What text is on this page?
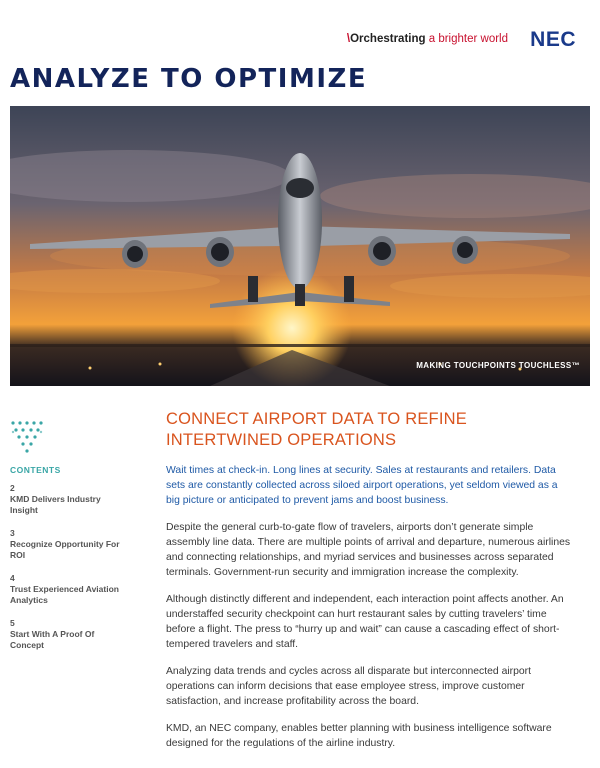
\Orchestrating a brighter world NEC
ANALYZE TO OPTIMIZE
MAKING TOUCHPOINTS TOUCHLESS™
CONTENTS
2
KMD Delivers Industry Insight
3
Recognize Opportunity For ROI
4
Trust Experienced Aviation Analytics
5
Start With A Proof Of Concept
CONNECT AIRPORT DATA TO REFINE
INTERTWINED OPERATIONS

Wait times at check-in. Long lines at security. Sales at restaurants and retailers. Data sets are constantly collected across siloed airport operations, yet seldom viewed as a big picture or anticipated to prevent jams and boost business.

Despite the general curb-to-gate flow of travelers, airports don’t generate simple assembly line data. There are multiple points of arrival and departure, numerous airlines and connecting relationships, and myriad services and businesses across separated terminals. Government-run security and immigration increase the complexity.

Although distinctly different and independent, each interaction point affects another. An understaffed security checkpoint can hurt restaurant sales by cutting travelers’ time before a flight. The press to “hurry up and wait” can cause a cascading effect of short-tempered travelers and staff.

Analyzing data trends and cycles across all disparate but interconnected airport operations can inform decisions that ease employee stress, improve customer satisfaction, and increase profitability across the board.

KMD, an NEC company, enables better planning with business intelligence software designed for the regulations of the airline industry.
